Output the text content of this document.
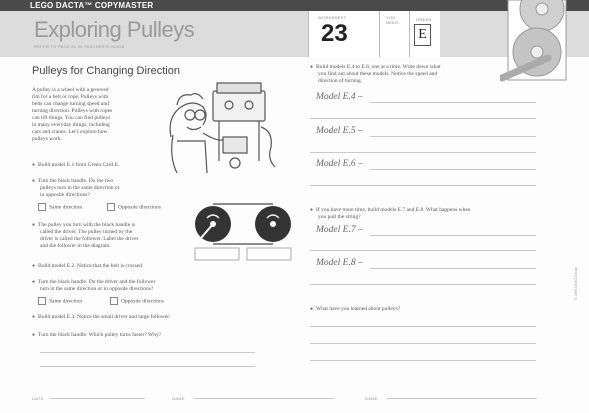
LEGO DACTA™ COPYMASTER
Exploring Pulleys
REFER TO PAGE 81 IN TEACHER'S GUIDE
WORKSHEET
23
YOU NEED:
GREEN
E
Pulleys for Changing Direction
A pulley is a wheel with a grooved
rim for a belt or rope. Pulleys with
belts can change turning speed and
turning direction. Pulleys with ropes
can lift things. You can find pulleys
in many everyday things, including
cars and cranes. Let's explore how
pulleys work.
● Build model E.1 from Green Card E.
● Turn the black handle. Do the two
pulleys turn in the same direction or
in opposite directions?
Same direction	Opposite directions
● The pulley you turn with the black handle is
called the driver. The pulley turned by the
driver is called the follower. Label the driver
and the follower in the diagram.
● Build model E.2. Notice that the belt is crossed.
● Turn the black handle. Do the driver and the follower
turn in the same direction or in opposite directions?
Same direction	Opposite directions
● Build model E.3. Notice the small driver and large follower.
● Turn the black handle. Which pulley turns faster? Why?
● Build models E.4 to E.6, one at a time. Write down what
you find out about these models. Notice the speed and
direction of turning.
Model E.4 –
Model E.5 –
Model E.6 –
● If you have more time, build models E.7 and E.8. What happens when
you pull the string?
Model E.7 –
Model E.8 –
● What have you learned about pulleys?
© 1993 LEGO Group
DATE	NAME	NAME
